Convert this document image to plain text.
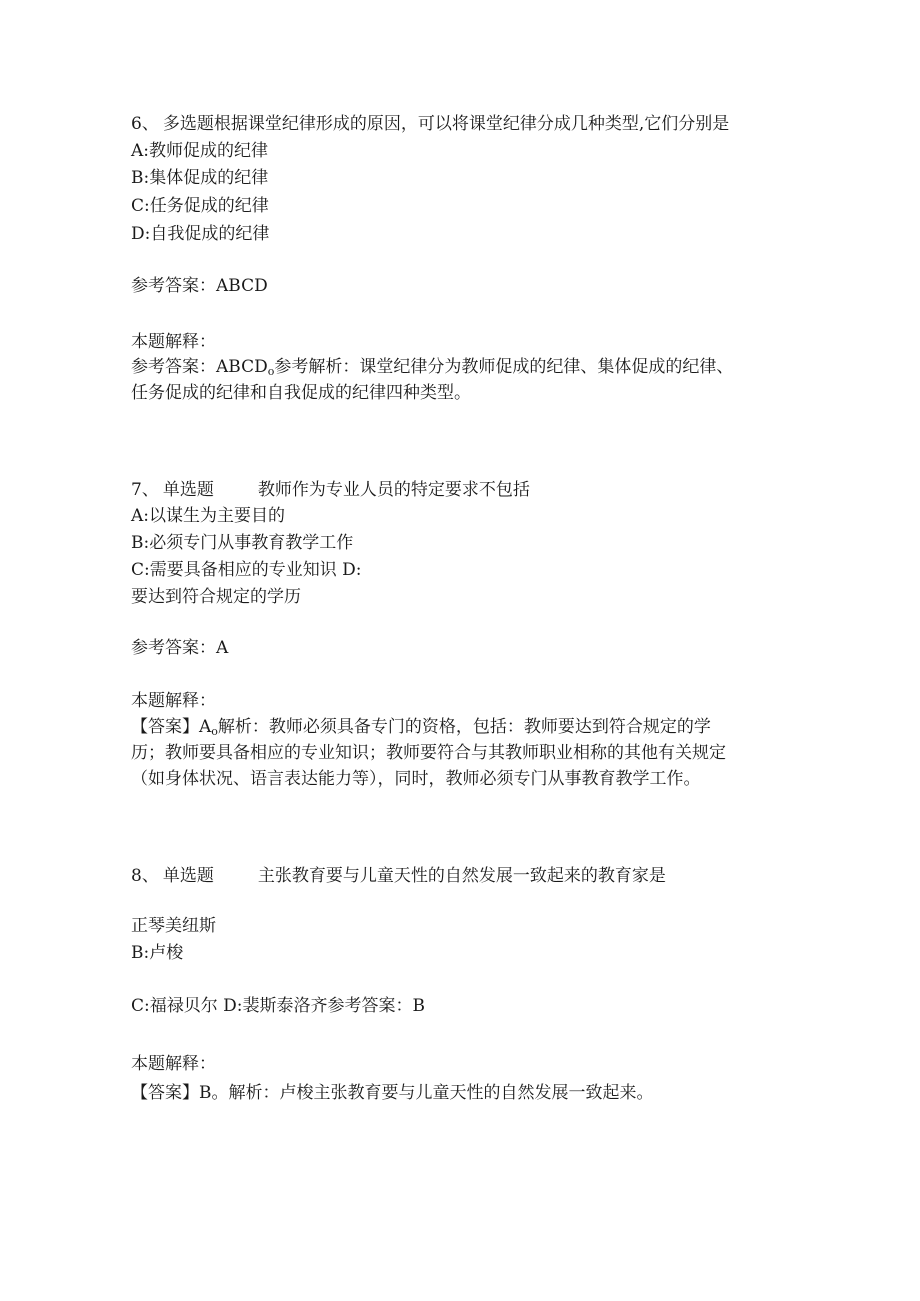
6、 多选题根据课堂纪律形成的原因，可以将课堂纪律分成几种类型,它们分别是
A:教师促成的纪律
B:集体促成的纪律
C:任务促成的纪律
D:自我促成的纪律
参考答案：ABCD
本题解释：
参考答案：$ABCD_o$参考解析：课堂纪律分为教师促成的纪律、集体促成的纪律、
任务促成的纪律和自我促成的纪律四种类型。
7、 单选题	教师作为专业人员的特定要求不包括
A:以谋生为主要目的
B:必须专门从事教育教学工作
C:需要具备相应的专业知识 D:
要达到符合规定的学历
参考答案：A
本题解释：
【答案】$A_o$解析：教师必须具备专门的资格，包括：教师要达到符合规定的学
历；教师要具备相应的专业知识；教师要符合与其教师职业相称的其他有关规定
（如身体状况、语言表达能力等），同时，教师必须专门从事教育教学工作。
8、 单选题	主张教育要与儿童天性的自然发展一致起来的教育家是
正琴美纽斯
B:卢梭
C:福禄贝尔 D:裴斯泰洛齐参考答案：B
本题解释：
【答案】B。解析：卢梭主张教育要与儿童天性的自然发展一致起来。
